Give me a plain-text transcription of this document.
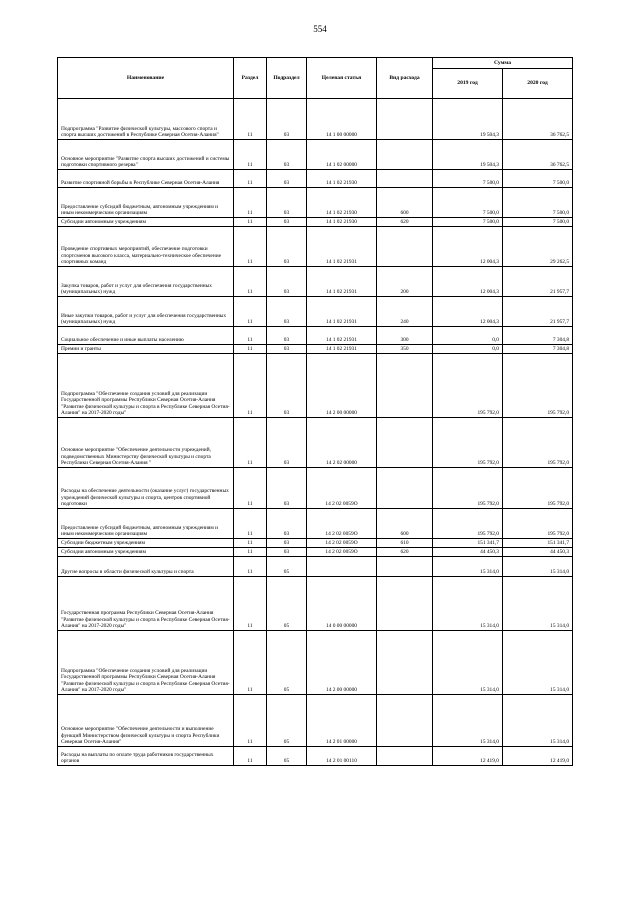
554
Наименование	Раздел	Подраздел	Целевая статья	Вид расхода	Сумма	
					2019 год	2020 год
Подпрограмма "Развитие физической культуры, массового спорта и спорта высших достижений в Республике Северная Осетия-Алания"	11	03	14 1 00 00000		19 504,3	36 762,5
Основное мероприятие "Развитие спорта высших достижений и системы подготовки спортивного резерва"	11	03	14 1 02 00000		19 504,3	36 762,5
Развитие спортивной борьбы в Республике Северная Осетия-Алания	11	03	14 1 02 21930		7 500,0	7 500,0
Предоставление субсидий бюджетным, автономным учреждениям и иным некоммерческим организациям	11	03	14 1 02 21930	600	7 500,0	7 500,0
Субсидии автономным учреждениям	11	03	14 1 02 21930	620	7 500,0	7 500,0
Проведение спортивных мероприятий, обеспечение подготовки спортсменов высокого класса, материально-техническое обеспечение спортивных команд	11	03	14 1 02 21931		12 004,3	29 262,5
Закупка товаров, работ и услуг для обеспечения государственных (муниципальных) нужд	11	03	14 1 02 21931	200	12 004,3	21 957,7
Иные закупки товаров, работ и услуг для обеспечения государственных (муниципальных) нужд	11	03	14 1 02 21931	240	12 004,3	21 957,7
Социальное обеспечение и иные выплаты населению	11	03	14 1 02 21931	300	0,0	7 304,8
Премии и гранты	11	03	14 1 02 21931	350	0,0	7 304,8
Подпрограмма "Обеспечение создания условий для реализации Государственной программы Республики Северная Осетия-Алания "Развитие физической культуры и спорта в Республике Северная Осетия-Алания" на 2017-2020 годы"	11	03	14 2 00 00000		195 792,0	195 792,0
Основное мероприятие "Обеспечение деятельности учреждений, подведомственных Министерству физической культуры и спорта Республики Северная Осетия-Алания "	11	03	14 2 02 00000		195 792,0	195 792,0
Расходы на обеспечение деятельности (оказание услуг) государственных учреждений физической культуры и спорта, центров спортивной подготовки	11	03	14 2 02 0059О		195 792,0	195 792,0
Предоставление субсидий бюджетным, автономным учреждениям и иным некоммерческим организациям	11	03	14 2 02 0059О	600	195 792,0	195 792,0
Субсидии бюджетным учреждениям	11	03	14 2 02 0059О	610	151 341,7	151 341,7
Субсидии автономным учреждениям	11	03	14 2 02 0059О	620	44 450,3	44 450,3
Другие вопросы в области физической культуры и спорта	11	05			15 314,0	15 314,0
Государственная программа Республики Северная Осетия-Алания "Развитие физической культуры и спорта в Республике Северная Осетия-Алания" на 2017-2020 годы"	11	05	14 0 00 00000		15 314,0	15 314,0
Подпрограмма "Обеспечение создания условий для реализации Государственной программы Республики Северная Осетия-Алания "Развитие физической культуры и спорта в Республике Северная Осетия-Алания" на 2017-2020 годы"	11	05	14 2 00 00000		15 314,0	15 314,0
Основное мероприятие "Обеспечение деятельности и выполнение функций Министерством физической культуры и спорта Республики Северная Осетия-Алания"	11	05	14 2 01 00000		15 314,0	15 314,0
Расходы на выплаты по оплате труда работников государственных органов	11	05	14 2 01 00110		12 419,0	12 419,0
